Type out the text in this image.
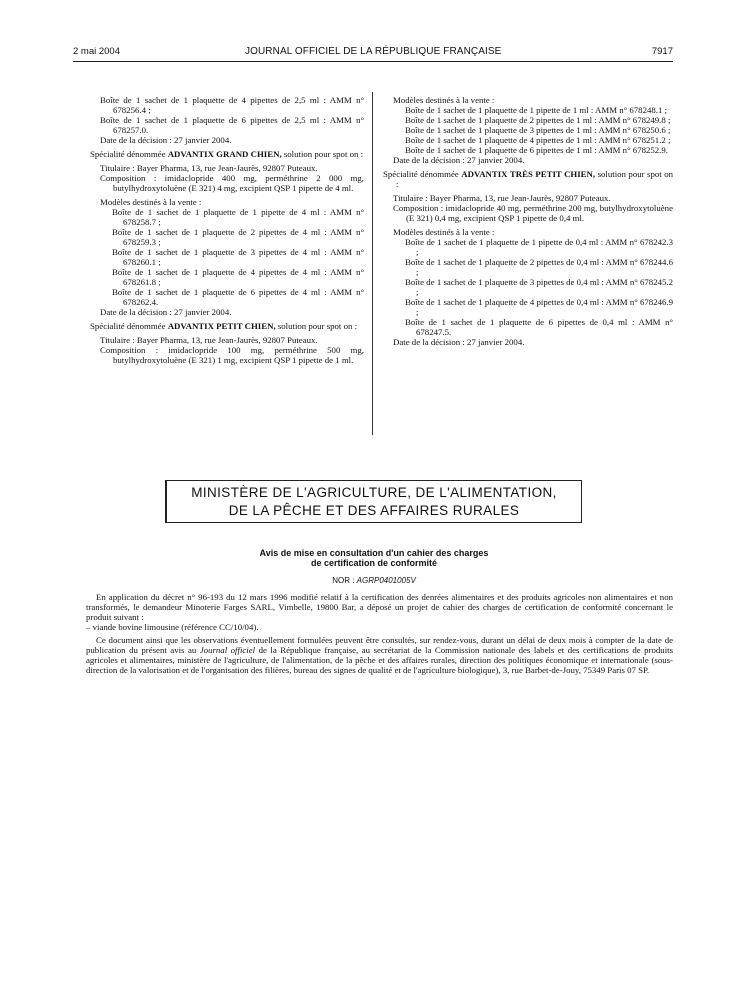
2 mai 2004	JOURNAL OFFICIEL DE LA RÉPUBLIQUE FRANÇAISE	7917
Boîte de 1 sachet de 1 plaquette de 4 pipettes de 2,5 ml : AMM n° 678256.4 ;
Boîte de 1 sachet de 1 plaquette de 6 pipettes de 2,5 ml : AMM n° 678257.0.
Date de la décision : 27 janvier 2004.
Spécialité dénommée ADVANTIX GRAND CHIEN, solution pour spot on :
Titulaire : Bayer Pharma, 13, rue Jean-Jaurès, 92807 Puteaux.
Composition : imidaclopride 400 mg, perméthrine 2 000 mg, butylhydroxytoluène (E 321) 4 mg, excipient QSP 1 pipette de 4 ml.
Modèles destinés à la vente :
Boîte de 1 sachet de 1 plaquette de 1 pipette de 4 ml : AMM n° 678258.7 ;
Boîte de 1 sachet de 1 plaquette de 2 pipettes de 4 ml : AMM n° 678259.3 ;
Boîte de 1 sachet de 1 plaquette de 3 pipettes de 4 ml : AMM n° 678260.1 ;
Boîte de 1 sachet de 1 plaquette de 4 pipettes de 4 ml : AMM n° 678261.8 ;
Boîte de 1 sachet de 1 plaquette de 6 pipettes de 4 ml : AMM n° 678262.4.
Date de la décision : 27 janvier 2004.
Spécialité dénommée ADVANTIX PETIT CHIEN, solution pour spot on :
Titulaire : Bayer Pharma, 13, rue Jean-Jaurès, 92807 Puteaux.
Composition : imidaclopride 100 mg, perméthrine 500 mg, butylhydroxytoluène (E 321) 1 mg, excipient QSP 1 pipette de 1 ml.
Modèles destinés à la vente :
Boîte de 1 sachet de 1 plaquette de 1 pipette de 1 ml : AMM n° 678248.1 ;
Boîte de 1 sachet de 1 plaquette de 2 pipettes de 1 ml : AMM n° 678249.8 ;
Boîte de 1 sachet de 1 plaquette de 3 pipettes de 1 ml : AMM n° 678250.6 ;
Boîte de 1 sachet de 1 plaquette de 4 pipettes de 1 ml : AMM n° 678251.2 ;
Boîte de 1 sachet de 1 plaquette de 6 pipettes de 1 ml : AMM n° 678252.9.
Date de la décision : 27 janvier 2004.
Spécialité dénommée ADVANTIX TRÈS PETIT CHIEN, solution pour spot on :
Titulaire : Bayer Pharma, 13, rue Jean-Jaurès, 92807 Puteaux.
Composition : imidaclopride 40 mg, perméthrine 200 mg, butylhydroxytoluène (E 321) 0,4 mg, excipient QSP 1 pipette de 0,4 ml.
Modèles destinés à la vente :
Boîte de 1 sachet de 1 plaquette de 1 pipette de 0,4 ml : AMM n° 678242.3 ;
Boîte de 1 sachet de 1 plaquette de 2 pipettes de 0,4 ml : AMM n° 678244.6 ;
Boîte de 1 sachet de 1 plaquette de 3 pipettes de 0,4 ml : AMM n° 678245.2 ;
Boîte de 1 sachet de 1 plaquette de 4 pipettes de 0,4 ml : AMM n° 678246.9 ;
Boîte de 1 sachet de 1 plaquette de 6 pipettes de 0,4 ml : AMM n° 678247.5.
Date de la décision : 27 janvier 2004.
MINISTÈRE DE L'AGRICULTURE, DE L'ALIMENTATION,
DE LA PÊCHE ET DES AFFAIRES RURALES
Avis de mise en consultation d'un cahier des charges
de certification de conformité
NOR : AGRP0401005V
En application du décret n° 96-193 du 12 mars 1996 modifié relatif à la certification des denrées alimentaires et des produits agricoles non alimentaires et non transformés, le demandeur Minoterie Farges SARL, Vimbelle, 19800 Bar, a déposé un projet de cahier des charges de certification de conformité concernant le produit suivant :
– viande bovine limousine (référence CC/10/04).
Ce document ainsi que les observations éventuellement formulées peuvent être consultés, sur rendez-vous, durant un délai de deux mois à compter de la date de publication du présent avis au Journal officiel de la République française, au secrétariat de la Commission nationale des labels et des certifications de produits agricoles et alimentaires, ministère de l'agriculture, de l'alimentation, de la pêche et des affaires rurales, direction des politiques économique et internationale (sous-direction de la valorisation et de l'organisation des filières, bureau des signes de qualité et de l'agriculture biologique), 3, rue Barbet-de-Jouy, 75349 Paris 07 SP.
